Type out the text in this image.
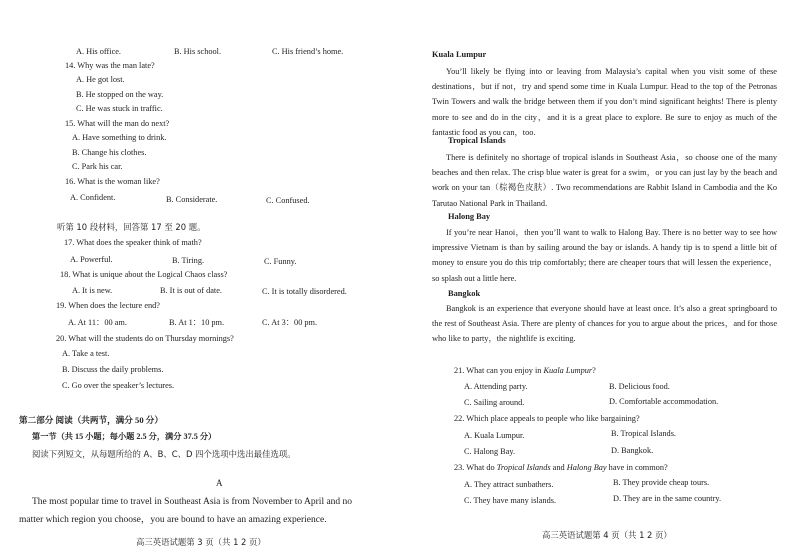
A. His office.	B. His school.	C. His friend’s home.
14. Why was the man late?
A. He got lost.
B. He stopped on the way.
C. He was stuck in traffic.
15. What will the man do next?
A. Have something to drink.
B. Change his clothes.
C. Park his car.
16. What is the woman like?
A. Confident.	B. Considerate.	C. Confused.
听第 10 段材料，回答第 17 至 20 题。
17. What does the speaker think of math?
A. Powerful.	B. Tiring.	C. Funny.
18. What is unique about the Logical Chaos class?
A. It is new.	B. It is out of date.	C. It is totally disordered.
19. When does the lecture end?
A. At 11：00 am.	B. At 1：10 pm.	C. At 3：00 pm.
20. What will the students do on Thursday mornings?
A. Take a test.
B. Discuss the daily problems.
C. Go over the speaker’s lectures.
第二部分 阅读（共两节，满分 50 分）
第一节（共 15 小题；每小题 2.5 分，满分 37.5 分）
阅读下列短文，从每题所给的 A、B、C、D 四个选项中选出最佳选项。
A
The most popular time to travel in Southeast Asia is from November to April and no
matter which region you choose，you are bound to have an amazing experience.
高三英语试题第 3 页（共 1 2 页）
Kuala Lumpur
You’ll likely be flying into or leaving from Malaysia’s capital when you visit some of these destinations，but if not，try and spend some time in Kuala Lumpur. Head to the top of the Petronas Twin Towers and walk the bridge between them if you don’t mind significant heights! There is plenty more to see and do in the city，and it is a great place to explore. Be sure to enjoy as much of the fantastic food as you can，too.
Tropical Islands
There is definitely no shortage of tropical islands in Southeast Asia，so choose one of the many beaches and then relax. The crisp blue water is great for a swim，or you can just lay by the beach and work on your tan（棕褐色皮肤）. Two recommendations are Rabbit Island in Cambodia and the Ko Tarutao National Park in Thailand.
Halong Bay
If you’re near Hanoi，then you’ll want to walk to Halong Bay. There is no better way to see how impressive Vietnam is than by sailing around the bay or islands. A handy tip is to spend a little bit of money to ensure you do this trip comfortably; there are cheaper tours that will lessen the experience，so splash out a little here.
Bangkok
Bangkok is an experience that everyone should have at least once. It’s also a great springboard to the rest of Southeast Asia. There are plenty of chances for you to argue about the prices，and for those who like to party，the nightlife is exciting.
21. What can you enjoy in Kuala Lumpur?
A. Attending party.	B. Delicious food.
C. Sailing around.	D. Comfortable accommodation.
22. Which place appeals to people who like bargaining?
A. Kuala Lumpur.	B. Tropical Islands.
C. Halong Bay.	D. Bangkok.
23. What do Tropical Islands and Halong Bay have in common?
A. They attract sunbathers.	B. They provide cheap tours.
C. They have many islands.	D. They are in the same country.
高三英语试题第 4 页（共 1 2 页）
